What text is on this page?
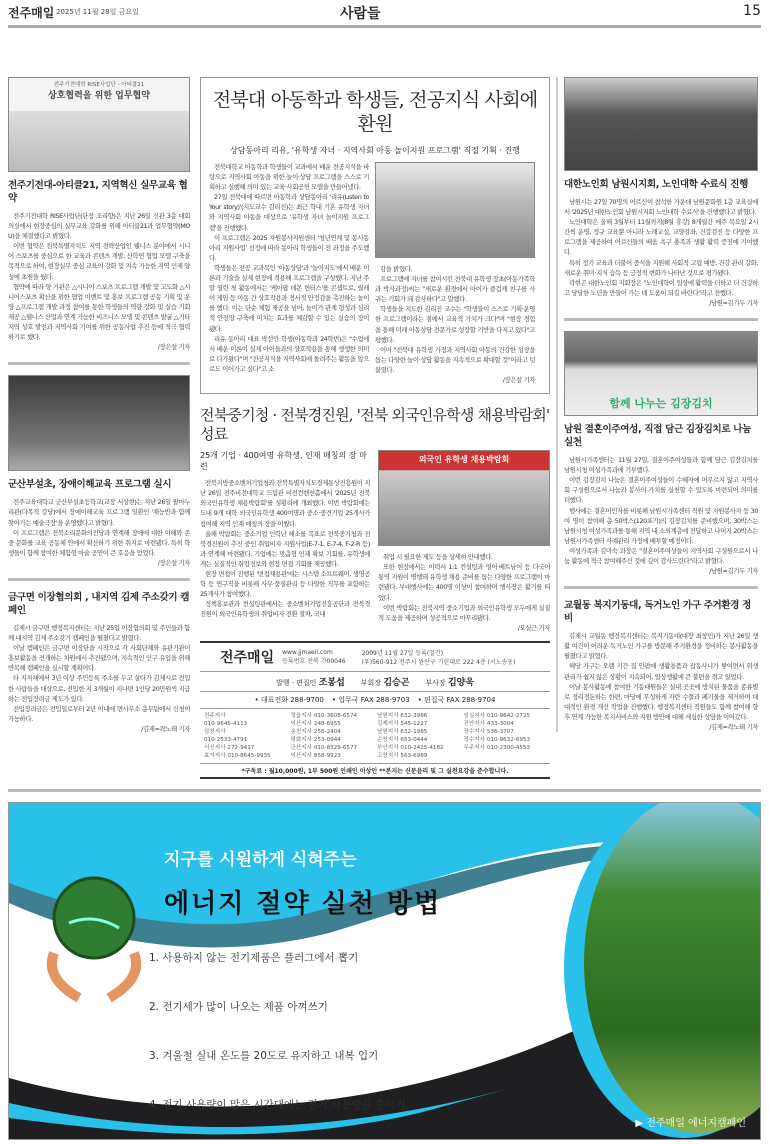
전주매일 2025년 11월 28일 금요일	사람들	15
전주기전대학 RISE사업단 - 아티클21
상호협력을 위한 업무협약
전주기전대-아티클21, 지역혁신 실무교육 협약

전주기전대학 RISE사업단(단장 조리향)은 지난 26일 신관 3층 대회의실에서 현장중심의 실무교육 강화를 위해 아티클21과 업무협약(MOU)을 체결했다고 밝혔다.

이번 협약은 전북특별자치도 지역 전략산업인 웰니스 분야에서 시니어 스포츠를 중심으로 한 교육과 콘텐츠 개발, 산학연 협업 모델 구축을 목적으로 하여, 현장실무 중심 교육의 강화 및 지속 가능한 지역 인재 양성에 초점을 뒀다.

협약에 따라 양 기관은 △시니어 스포츠 프로그램 개발 및 고도화 △시니어스포츠 확산을 위한 협업 이벤트 및 홍보 프로그램 공동 기획 및 운영 △프로그램 개발 과정 참여를 통한 학생들의 역량 강화 및 실습 기회 제공 △웰니스 산업과 연계 가능한 비즈니스 모델 및 콘텐츠 발굴 △기타 지역 상호 발전과 지역사회 기여를 위한 공동사업 추진 등에 적극 협력하기로 했다.

/장은설 기자
군산부설초, 장애이해교육 프로그램 실시

전주교육대학교 군산부설초등학교(교장 서상현)는 지난 26일 팔마누리관(다목적 강당)에서 장애이해교육 프로그램 일환인 '재능반과 함께 찾아가는 예술극장'을 운영했다고 밝혔다.

이 프로그램은 전북소리문화의전당과 연계해 장애에 대한 이해와 존중 문화를 교육 공동체 안에서 확산하기 위한 취지로 마련됐다. 특히 학생들이 함께 참여한 체험형 마술 공연이 큰 호응을 얻었다.

/장은설 기자
금구면 이장협의회 , 내지역 김제 주소갖기 캠페인

김제시 금구면 행정복지센터는 지난 25일 이장협의회 및 주민들과 함께 내지역 김제 주소갖기 캠페인을 펼쳤다고 밝혔다.

이날 캠페인은 금구면 이장단을 시작으로 각 사회단체와 유관기관이 홍보활동을 전개하는 차원에서 추진됐으며, 지속적인 인구 유입을 위해 반복해 캠페인을 실시할 계획이다.

타 지자체에서 3년 이상 주민등록 주소를 두고 살다가 김제시로 전입한 사람들을 대상으로, 전입한 지 3개월이 지나면 1인당 20만원씩 지급하는 전입장려금 제도가 있다.

전입장려금은 전입일로부터 2년 이내에 면사무소 총무팀에서 신청이 가능하다.

/김제=곽노태 기자
전북대 아동학과 학생들, 전공지식 사회에 환원
상담동아리 리유, '유학생 자녀 · 지역사회 아동 놀이지원 프로그램' 직접 기획 · 진행

전북대학교 아동학과 학생들이 교과에서 배운 전공지식을 바탕으로 지역사회 아동을 위한 놀이·상담 프로그램을 스스로 기획하고 실행해 의미 있는 교육·사회공헌 모델을 만들어냈다.

27일 전북대에 따르면 아동학과 상담동아리 '리유(Listen to Your story)'(지도교수 김리진)는 최근 학내 기혼 유학생 자녀와 지역사회 아동을 대상으로 '유학생 자녀 놀이지원 프로그램'을 진행했다.

이 프로그램은 2025 자원봉사지원센터 '청년연계 및 봉사동아리 지원사업' 선정에 따라 동아리 학생들이 전 과정을 주도했다.

학생들은 전공 교과목인 '아동상담'과 '놀이지도'에서 배운 이론과 기술을 실제 현장에 적용해 프로그램을 구성했다. 지난 주말 열린 첫 활동에서는 '케이팝 데몬 헌터스'를 콘셉트로, 릴레이 게임 등 아동 간 상호작용과 정서적 안정감을 촉진하는 놀이를 했다. 이는 단순 체험 제공을 넘어, 놀이가 관계 형성과 심리적 안전망 구축에 미치는 효과를 체감할 수 있는 실습의 장이 됐다.

리유 동아리 대표 박선민 학생(아동학과 24학번)은 "수업에서 배운 이론이 실제 아이들과의 상호작용을 통해 생생한 의미로 다가왔다"며 "전공지식을 지역사회에 돌려주는 활동을 앞으로도 이어가고 싶다"고 소

감을 밝혔다.

프로그램에 자녀를 참여시킨 전북대 유학생 장초(아동가족학과 박사과정)씨는 "새로운 환경에서 아이가 즐겁게 친구를 사귀는 기회가 돼 감사하다"고 말했다.

학생들을 지도한 김리진 교수는 "학생들이 스스로 기획·운영한 프로그램이라는 점에서 교육적 가치가 크다"며 "현장 경험을 통해 미래 아동상담 전문가로 성장할 기반을 다지고 있다"고 평했다.

이어 "전북대 유학생 가정과 지역사회 아동의 건강한 성장을 돕는 다양한 놀이·상담 활동을 지속적으로 확대할 것"이라고 덧붙였다.

/장은설 기자
전북중기청 · 전북경진원, '전북 외국인유학생 채용박람회' 성료
25개 기업 · 400여명 유학생, 인재 매칭의 장 마련

전북지방중소벤처기업청과 전북특별자치도경제통상진흥원이 지난 26일 전주비전대학교 드림관 비전컨벤션홀에서 '2025년 전북 외국인유학생 채용박람회'를 성황리에 개최했다. 이번 박람회에는 도내 9개 대학 외국인유학생 400여명과 중소·중견기업 25개사가 참여해 지역 인재 매칭의 장을 이뤘다.

올해 박람회는 중소기업 인력난 해소를 목표로 전북중기청과 전북경진원이 추진 중인 취업비자 지원사업(E-7-1, E-7-4, F-2-R 등)과 연계해 마련됐다. 기업에는 맞춤형 인재 확보 기회를, 유학생에게는 실질적인 취업정보와 현장 면접 기회를 제공했다.

현장 면접이 진행된 '면접채용관'에는 시스템 소프트웨어, 생명공학 등 연구직을 비롯해 사무·품질관리 등 다양한 직무를 포함하는 25개사가 참여했다.

정책홍보관과 컨설팅관에서는 중소벤처기업진흥공단과 전북경진원이 외국인유학생의 취업비자 전환 절차, 국내

외국인 유학생 채용박람회

취업 시 필요한 제도 등을 상세히 안내했다.

또한 현장에서는 이력서 1:1 컨설팅과 영어·베트남어 등 다국어 통역 지원이 병행돼 유학생 채용 준비를 돕는 다양한 프로그램이 마련됐다. 부대행사에는 400명 이상이 참여하며 행사장은 활기를 띠었다.

이번 박람회는 전북지역 중소기업과 외국인유학생 모두에게 실질적 도움을 제공하며 성공적으로 마무리됐다.

/오실근 기자
전주매일 www.jjmaeil.com
등록번호 전북 가00046
2009년 11월 27일 등록(일간)
(우)560-912 전주시 완산구 기린대로 222 4층 (서노송동)
발행 · 편집인 조봉섭 부회장 김승곤 부사장 김양욱
• 대표전화 288-9700 • 업무국 FAX 288-9703 • 편집국 FAX 288-9704
전주지사
010-9645-4113
삼천지사
010-2533-4791
서신지사 272-9417
효자지사 010-8645-9935
정읍지사 010-3608-6574
익산지사 248-6955
송천지사 256-2404
평화지사 253-0944
군산지사 010-8329-6577
익산지사 858-9923
남원지사 632-3986
김제지사 545-1227
남원지사 632-1985
순창지사 653-0444
부안지사 010-2425-4182
고창지사 563-6989
임실지사 010-9642-2725
진안지사 433-3004
장수지사 536-3707
정수지사 010-9632-6953
무주지사 010-2300-4553
*구독료 : 월10,000원, 1부 500원 인쇄인 이상인 **본지는 신문윤리 및 그 실천요강을 준수합니다.
대한노인회 남원시지회, 노인대학 수료식 진행

남원시는 27일 70명의 어르신이 참석한 가운데 남원문화원 1층 교육실에서 '2025년 대한노인회 남원시지회 노인대학 수료식'을 진행했다고 밝혔다.

노인대학은 올해 3월부터 11월까지(8월 휴강) 8개월간 매주 목요일 2시간씩 운영, 정규 교육뿐 아니라 노래교실, 교양강좌, 건강검진 등 다양한 프로그램을 제공하여 어르신들의 배움 욕구 충족과 생활 활력 증진에 기여했다.

특히 정기 교육과 더불어 중식을 지원해 사회적 고립 예방, 건강 관리 강화, 새로운 취미·지식 습득 등 긍정적 변화가 나타난 것으로 평가됐다.

곽현곤 대한노인회 지회장은 "노인대학이 일상에 활력을 더하고 더 건강하고 당당한 노년을 만들어 가는 데 도움이 되길 바란다"라고 전했다.

/남원=김기두 기자
함께 나누는 김장김치
남원 결혼이주여성, 직접 담근 김장김치로 나눔 실천

남원시가족센터는 11월 27일, 결혼이주여성들과 함께 담근 김장김치를 남원시청 여성가족과에 기부했다.

이번 김장김치 나눔은 결혼이주여성들이 수혜자에 머무르지 않고 지역사회 구성원으로서 나눔과 봉사의 가치를 실천할 수 있도록 마련되어 의미를 더했다.

행사에는 결혼이민자를 비롯해 남원시가족센터 직원 및 자원봉사자 등 30여 명이 참여해 총 50박스(120포기)의 김장김치를 준비했으며, 30박스는 남원시청 여성가족과를 통해 지역 내 소외계층에 전달하고 나머지 20박스는 남원시가족센터 사례관리 가정에 배부할 예정이다.

여성가족과 김미숙 과장은 "결혼이주여성들이 지역사회 구성원으로서 나눔 활동에 적극 참여해주신 것에 깊이 감사드린다"라고 밝혔다.

/남원=김기두 기자
교월동 복지기동대, 독거노인 가구 주거환경 정비

김제시 교월동 행정복지센터는 복지기동대(대장 최창민)가 지난 26일 생활 여건이 어려운 독거노인 가구를 방문해 주거환경을 정비하는 봉사활동을 펼쳤다고 밝혔다.

해당 가구는 오랜 기간 집 안팎에 생활용품과 잡동사니가 쌓이면서 위생 관리가 쉽지 않은 상황이 지속되어, 일상생활에 큰 불편을 겪고 있었다.

이날 봉사활동에 참여한 기동대원들은 실내 곳곳에 방치된 물품을 종류별로 정리정돈하는 한편, 마당에 무성하게 자란 수풀과 폐기물을 제거하며 대대적인 환경 개선 작업을 진행했다. 행정복지센터 직원들도 함께 참여해 향후 연계 가능한 복지서비스와 지원 방안에 대해 세심한 상담을 이어갔다.

/김제=곽노태 기자
지구를 시원하게 식혀주는
에너지 절약 실천 방법
1. 사용하지 않는 전기제품은 플러그에서 뽑기
2. 전기세가 많이 나오는 제품 아껴쓰기
3. 겨울철 실내 온도를 20도로 유지하고 내복 입기
4. 전기 사용량이 많은 시간대에는 전기 사용량을 줄이기
▶ 전주매일 에너지캠페인
